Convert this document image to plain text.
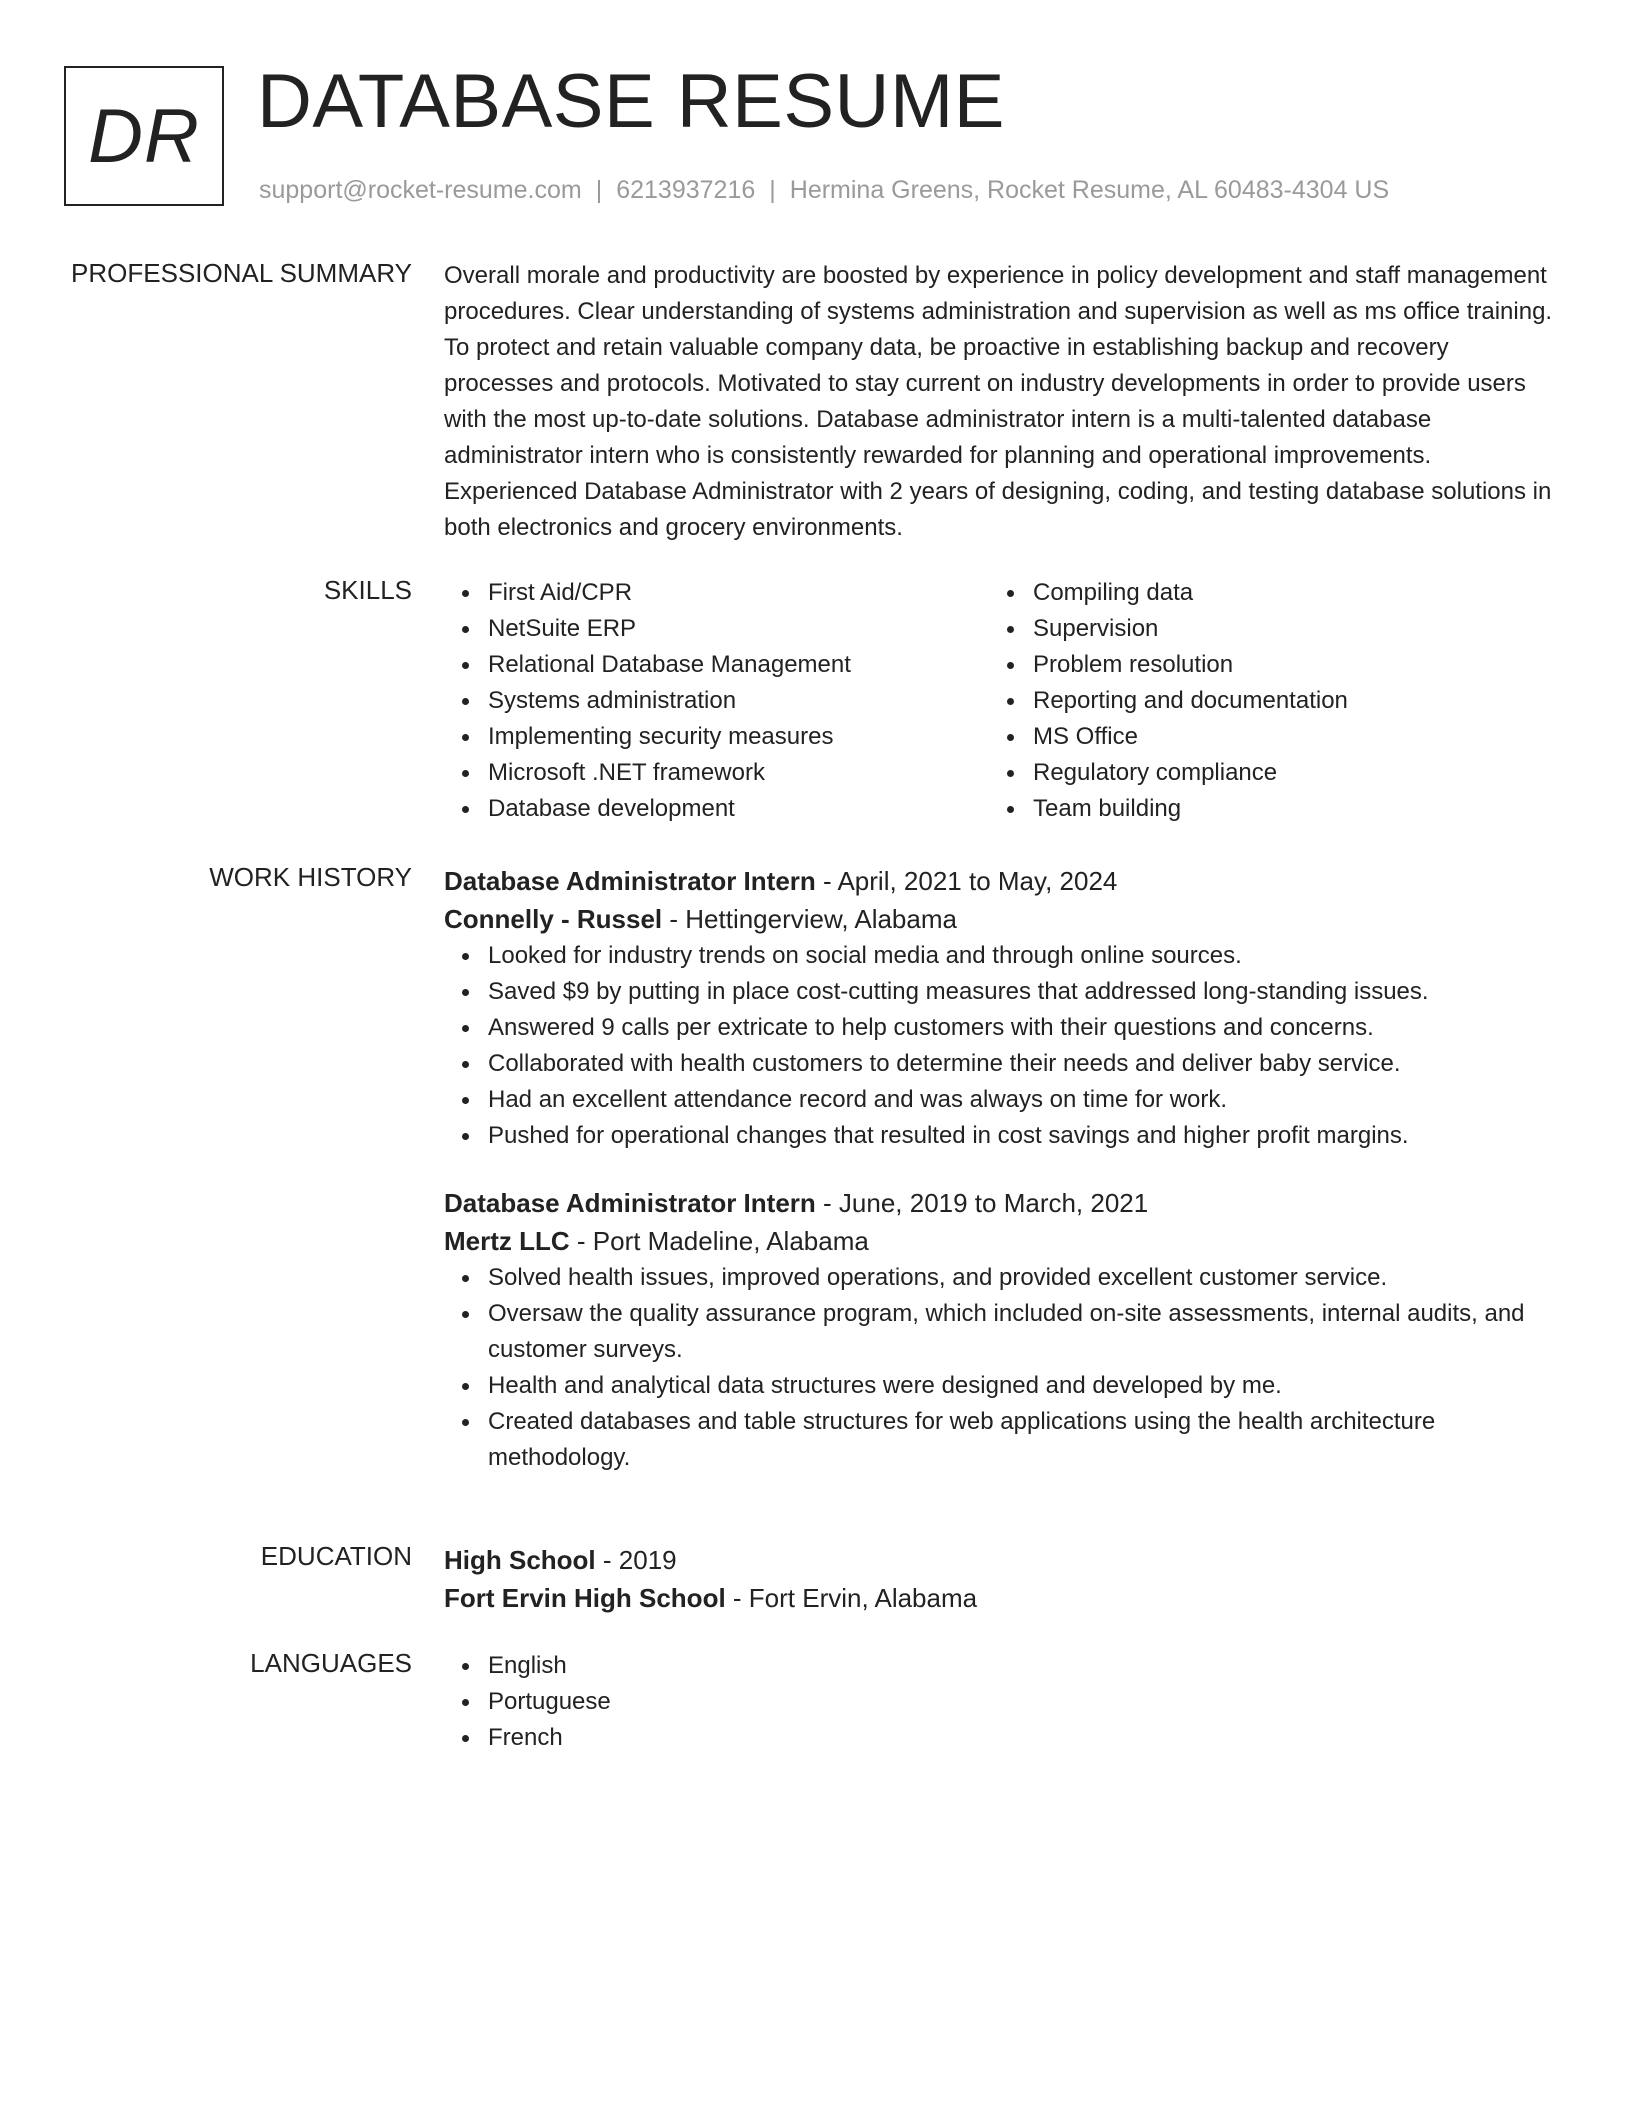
DR DATABASE RESUME
support@rocket-resume.com | 6213937216 | Hermina Greens, Rocket Resume, AL 60483-4304 US
PROFESSIONAL SUMMARY Overall morale and productivity are boosted by experience in policy development and staff management procedures. Clear understanding of systems administration and supervision as well as ms office training. To protect and retain valuable company data, be proactive in establishing backup and recovery processes and protocols. Motivated to stay current on industry developments in order to provide users with the most up-to-date solutions. Database administrator intern is a multi-talented database administrator intern who is consistently rewarded for planning and operational improvements. Experienced Database Administrator with 2 years of designing, coding, and testing database solutions in both electronics and grocery environments.

SKILLS	First Aid/CPR
NetSuite ERP
Relational Database Management
Systems administration
Implementing security measures
Microsoft .NET framework
Database development
Compiling data
Supervision
Problem resolution
Reporting and documentation
MS Office
Regulatory compliance
Team building
WORK HISTORY Database Administrator Intern - April, 2021 to May, 2024
Connelly - Russel - Hettingerview, Alabama
Looked for industry trends on social media and through online sources.
Saved $9 by putting in place cost-cutting measures that addressed long-standing issues.
Answered 9 calls per extricate to help customers with their questions and concerns.
Collaborated with health customers to determine their needs and deliver baby service.
Had an excellent attendance record and was always on time for work.
Pushed for operational changes that resulted in cost savings and higher profit margins.
Database Administrator Intern - June, 2019 to March, 2021
Mertz LLC - Port Madeline, Alabama
Solved health issues, improved operations, and provided excellent customer service.
Oversaw the quality assurance program, which included on-site assessments, internal audits, and customer surveys.
Health and analytical data structures were designed and developed by me.
Created databases and table structures for web applications using the health architecture methodology.
EDUCATION High School - 2019
Fort Ervin High School - Fort Ervin, Alabama
LANGUAGES	English
Portuguese
French
